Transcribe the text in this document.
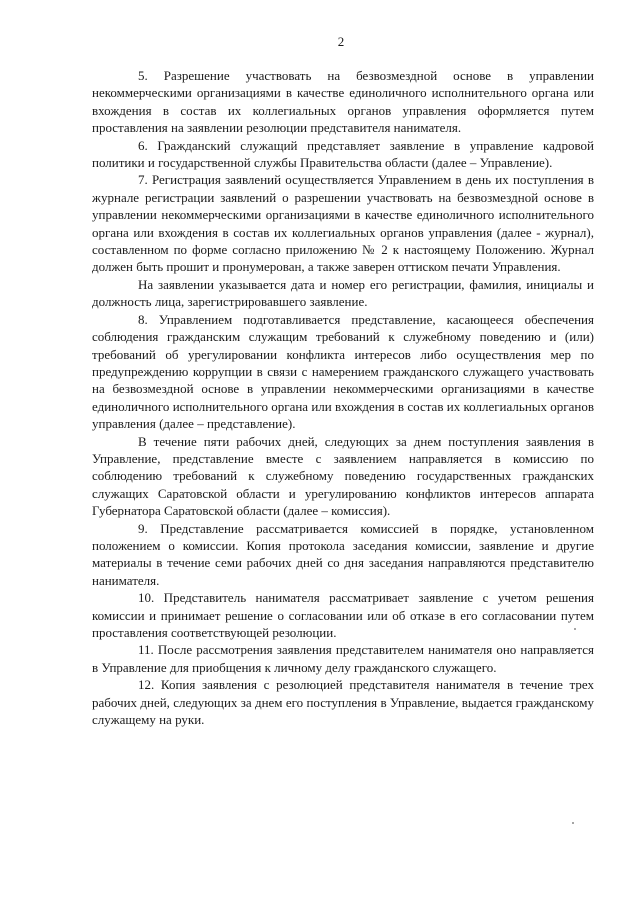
2

5. Разрешение участвовать на безвозмездной основе в управлении некоммерческими организациями в качестве единоличного исполнительного органа или вхождения в состав их коллегиальных органов управления оформляется путем проставления на заявлении резолюции представителя нанимателя.

6. Гражданский служащий представляет заявление в управление кадровой политики и государственной службы Правительства области (далее – Управление).

7. Регистрация заявлений осуществляется Управлением в день их поступления в журнале регистрации заявлений о разрешении участвовать на безвозмездной основе в управлении некоммерческими организациями в качестве единоличного исполнительного органа или вхождения в состав их коллегиальных органов управления (далее - журнал), составленном по форме согласно приложению № 2 к настоящему Положению. Журнал должен быть прошит и пронумерован, а также заверен оттиском печати Управления.

На заявлении указывается дата и номер его регистрации, фамилия, инициалы и должность лица, зарегистрировавшего заявление.

8. Управлением подготавливается представление, касающееся обеспечения соблюдения гражданским служащим требований к служебному поведению и (или) требований об урегулировании конфликта интересов либо осуществления мер по предупреждению коррупции в связи с намерением гражданского служащего участвовать на безвозмездной основе в управлении некоммерческими организациями в качестве единоличного исполнительного органа или вхождения в состав их коллегиальных органов управления (далее – представление).

В течение пяти рабочих дней, следующих за днем поступления заявления в Управление, представление вместе с заявлением направляется в комиссию по соблюдению требований к служебному поведению государственных гражданских служащих Саратовской области и урегулированию конфликтов интересов аппарата Губернатора Саратовской области (далее – комиссия).

9. Представление рассматривается комиссией в порядке, установленном положением о комиссии. Копия протокола заседания комиссии, заявление и другие материалы в течение семи рабочих дней со дня заседания направляются представителю нанимателя.

10. Представитель нанимателя рассматривает заявление с учетом решения комиссии и принимает решение о согласовании или об отказе в его согласовании путем проставления соответствующей резолюции.

11. После рассмотрения заявления представителем нанимателя оно направляется в Управление для приобщения к личному делу гражданского служащего.

12. Копия заявления с резолюцией представителя нанимателя в течение трех рабочих дней, следующих за днем его поступления в Управление, выдается гражданскому служащему на руки.
